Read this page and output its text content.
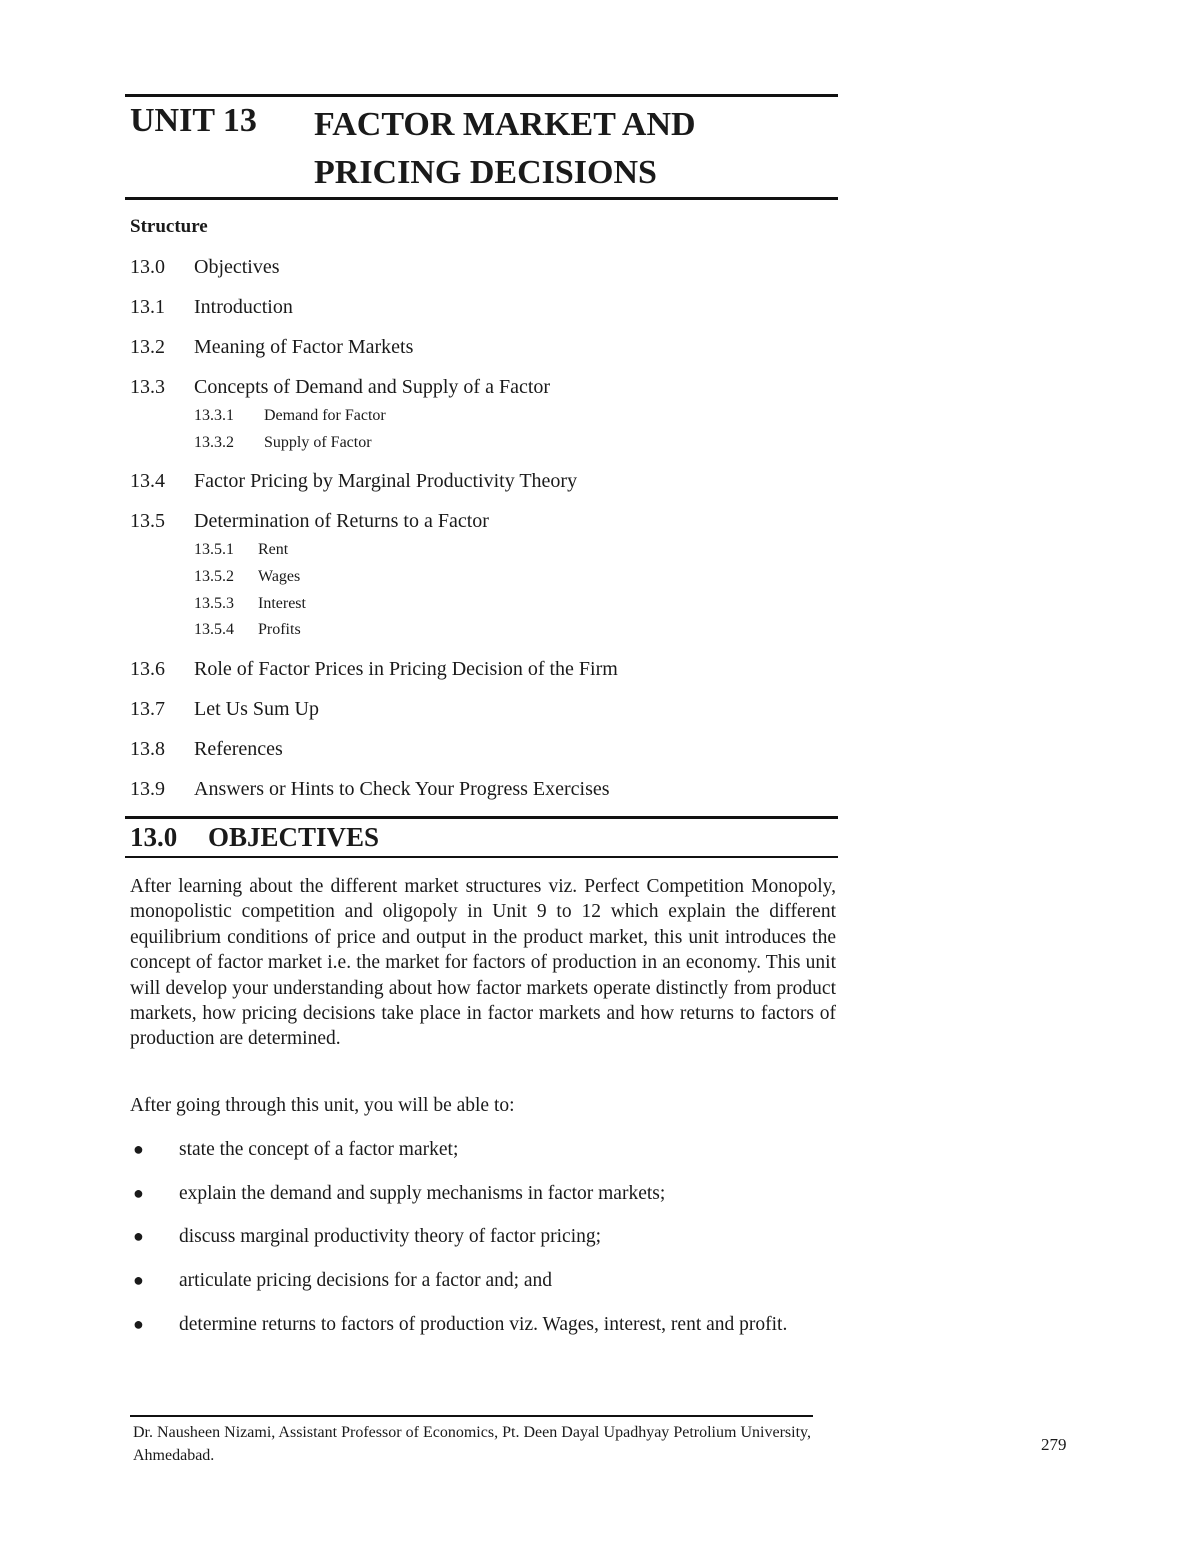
UNIT 13 FACTOR MARKET AND
PRICING DECISIONS
Structure
13.0 Objectives
13.1 Introduction
13.2 Meaning of Factor Markets
13.3 Concepts of Demand and Supply of a Factor
13.3.1 Demand for Factor
13.3.2 Supply of Factor
13.4 Factor Pricing by Marginal Productivity Theory
13.5 Determination of Returns to a Factor
13.5.1 Rent
13.5.2 Wages
13.5.3 Interest
13.5.4 Profits
13.6 Role of Factor Prices in Pricing Decision of the Firm
13.7 Let Us Sum Up
13.8 References
13.9 Answers or Hints to Check Your Progress Exercises
13.0 OBJECTIVES
After learning about the different market structures viz. Perfect Competition Monopoly, monopolistic competition and oligopoly in Unit 9 to 12 which explain the different equilibrium conditions of price and output in the product market, this unit introduces the concept of factor market i.e. the market for factors of production in an economy. This unit will develop your understanding about how factor markets operate distinctly from product markets, how pricing decisions take place in factor markets and how returns to factors of production are determined.
After going through this unit, you will be able to:
● state the concept of a factor market;
● explain the demand and supply mechanisms in factor markets;
● discuss marginal productivity theory of factor pricing;
● articulate pricing decisions for a factor and; and
● determine returns to factors of production viz. Wages, interest, rent and profit.
Dr. Nausheen Nizami, Assistant Professor of Economics, Pt. Deen Dayal Upadhyay Petrolium University, Ahmedabad.
279
